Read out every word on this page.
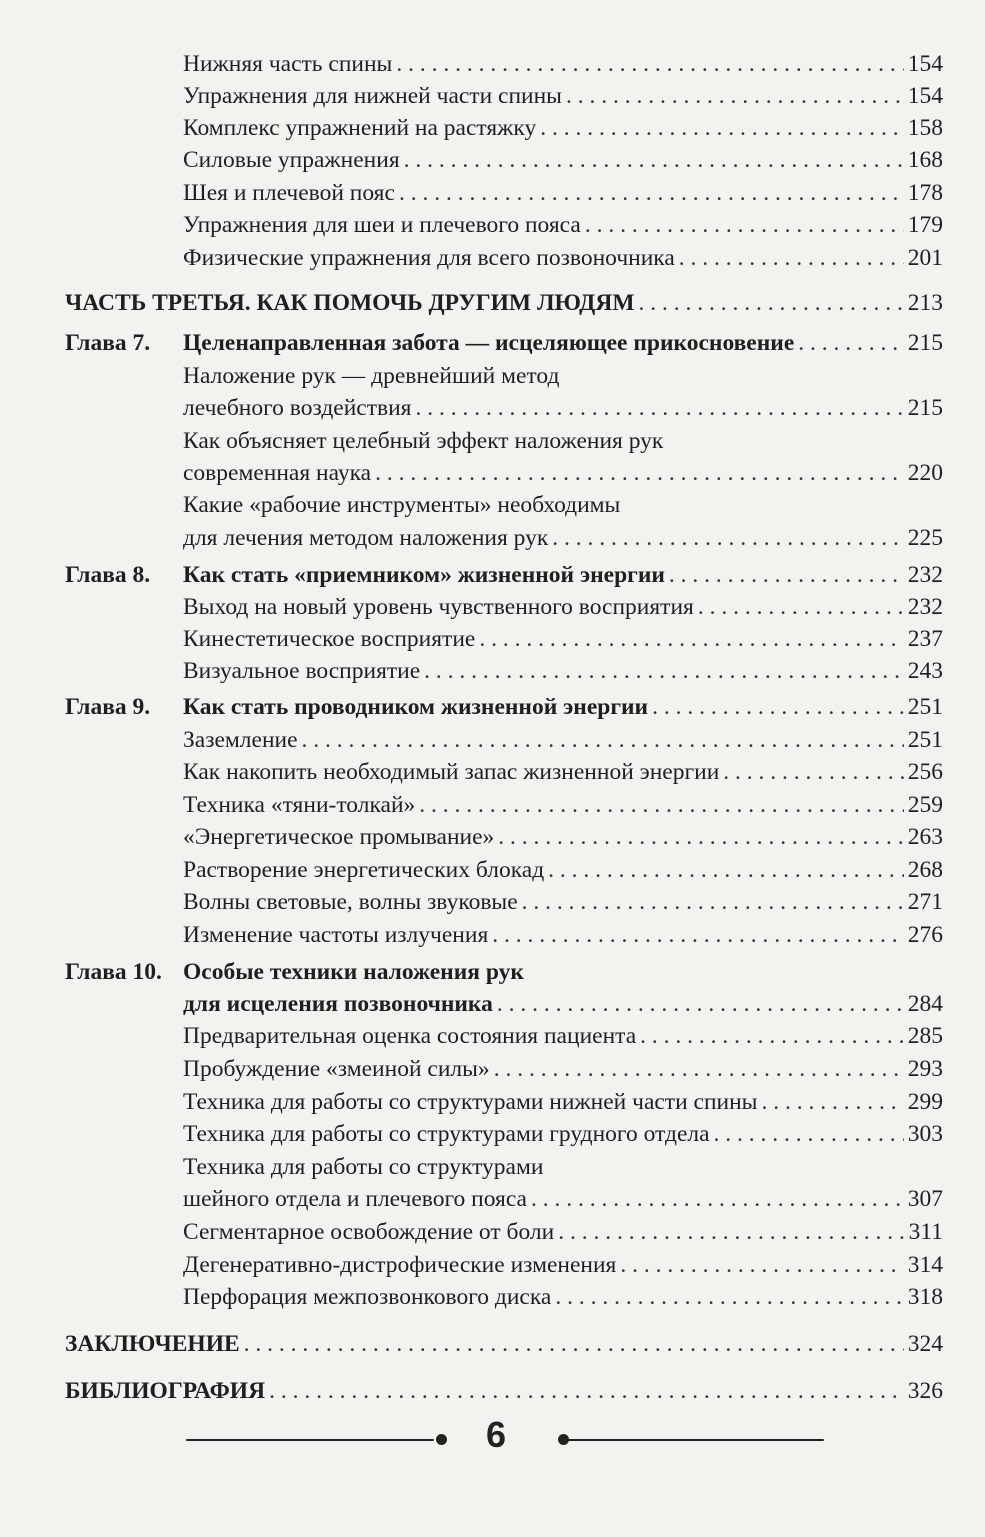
Нижняя часть спины . . .	154
Упражнения для нижней части спины . . .	154
Комплекс упражнений на растяжку . . .	158
Силовые упражнения . . .	168
Шея и плечевой пояс . . .	178
Упражнения для шеи и плечевого пояса . . .	179
Физические упражнения для всего позвоночника . . .	201
ЧАСТЬ ТРЕТЬЯ. КАК ПОМОЧЬ ДРУГИМ ЛЮДЯМ . . .	213
Глава 7. Целенаправленная забота — исцеляющее прикосновение . . .	215
Наложение рук — древнейший метод
лечебного воздействия . . .	215
Как объясняет целебный эффект наложения рук
современная наука . . .	220
Какие «рабочие инструменты» необходимы
для лечения методом наложения рук . . .	225
Глава 8. Как стать «приемником» жизненной энергии . . .	232
Выход на новый уровень чувственного восприятия . . .	232
Кинестетическое восприятие . . .	237
Визуальное восприятие . . .	243
Глава 9. Как стать проводником жизненной энергии . . .	251
Заземление . . .	251
Как накопить необходимый запас жизненной энергии . . .	256
Техника «тяни-толкай» . . .	259
«Энергетическое промывание» . . .	263
Растворение энергетических блокад . . .	268
Волны световые, волны звуковые . . .	271
Изменение частоты излучения . . .	276
Глава 10. Особые техники наложения рук
для исцеления позвоночника . . .	284
Предварительная оценка состояния пациента . . .	285
Пробуждение «змеиной силы» . . .	293
Техника для работы со структурами нижней части спины . . .	299
Техника для работы со структурами грудного отдела . . .	303
Техника для работы со структурами
шейного отдела и плечевого пояса . . .	307
Сегментарное освобождение от боли . . .	311
Дегенеративно-дистрофические изменения . . .	314
Перфорация межпозвонкового диска . . .	318
ЗАКЛЮЧЕНИЕ . . .	324
БИБЛИОГРАФИЯ . . .	326
6
